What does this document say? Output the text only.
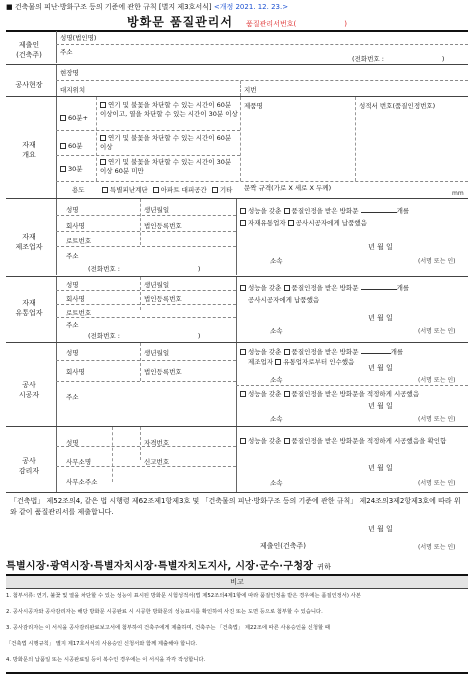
■ 건축물의 피난·방화구조 등의 기준에 관한 규칙 [별지 제3호서식] <개정 2021. 12. 23.>
방화문 품질관리서 품질관리서번호(	)
제출인
(건축주)
성명(법인명)
주소
(전화번호 :	)
공사현장
현장명
대지위치	지번
자재
개요
60분+
연기 및 불꽃을 차단할 수 있는 시간이 60분 이상이고, 열을 차단할 수 있는 시간이 30분 이상
60분
연기 및 불꽃을 차단할 수 있는 시간이 60분 이상
30분
연기 및 불꽃을 차단할 수 있는 시간이 30분 이상 60분 미만
제품명	성적서 번호(품질인정번호)
용도	특별피난계단 아파트 대피공간 기타 문짝 규격(가로 X 세로 X 두께)
mm
자재
제조업자
성명	생년월일
회사명	법인등록번호
로트번호
주소
(전화번호 :	)
성능을 갖춘 품질인정을 받은 방화문	개를
자재유통업자 공사시공자에게 납품했음
년 월 일
소속	(서명 또는 인)
자재
유통업자
성명	생년월일
회사명	법인등록번호
로트번호
주소
(전화번호 :	)
성능을 갖춘 품질인정을 받은 방화문	개를
공사시공자에게 납품했음
년 월 일
소속	(서명 또는 인)
공사
시공자
성명	생년월일
회사명	법인등록번호
주소
성능을 갖춘 품질인정을 받은 방화문	개를
제조업자 유통업자로부터 인수했음
년 월 일
소속	(서명 또는 인)
성능을 갖춘 품질인정을 받은 방화문을 적정하게 시공했음
년 월 일
소속	(서명 또는 인)
공사
감리자
성명	자격번호
사무소명	신고번호
사무소주소
성능을 갖춘 품질인정을 받은 방화문을 적정하게 시공했음을 확인함
년 월 일
소속	(서명 또는 인)
「건축법」 제52조의4, 같은 법 시행령 제62조제1항제3호 및 「건축물의 피난·방화구조 등의 기준에 관한 규칙」 제24조의3제2항제3호에 따라 위와 같이 품질관리서를 제출합니다.
년 월 일
제출인(건축주)	(서명 또는 인)
특별시장·광역시장·특별자치시장·특별자치도지사, 시장·군수·구청장 귀하
비고
1. 첨부서류: 연기, 불꽃 및 열을 차단할 수 있는 성능이 표시된 방화문 시험성적서(법 제52조의4제1항에 따라 품질인정을 받은 경우에는 품질인정서) 사본
2. 공사시공자와 공사감리자는 해당 방화문 시공완료 시 시공한 방화문의 성능표시를 확인하여 사진 또는 도면 등으로 첨부할 수 있습니다.
3. 공사감리자는 이 서식을 공사감리완료보고서에 첨부하여 건축주에게 제출하며, 건축주는 「건축법」 제22조에 따른 사용승인을 신청할 때
「건축법 시행규칙」 별지 제17호서식의 사용승인 신청서와 함께 제출해야 합니다.
4. 방화문의 납품일 또는 시공완료일 등이 복수인 경우에는 이 서식을 각각 작성합니다.
